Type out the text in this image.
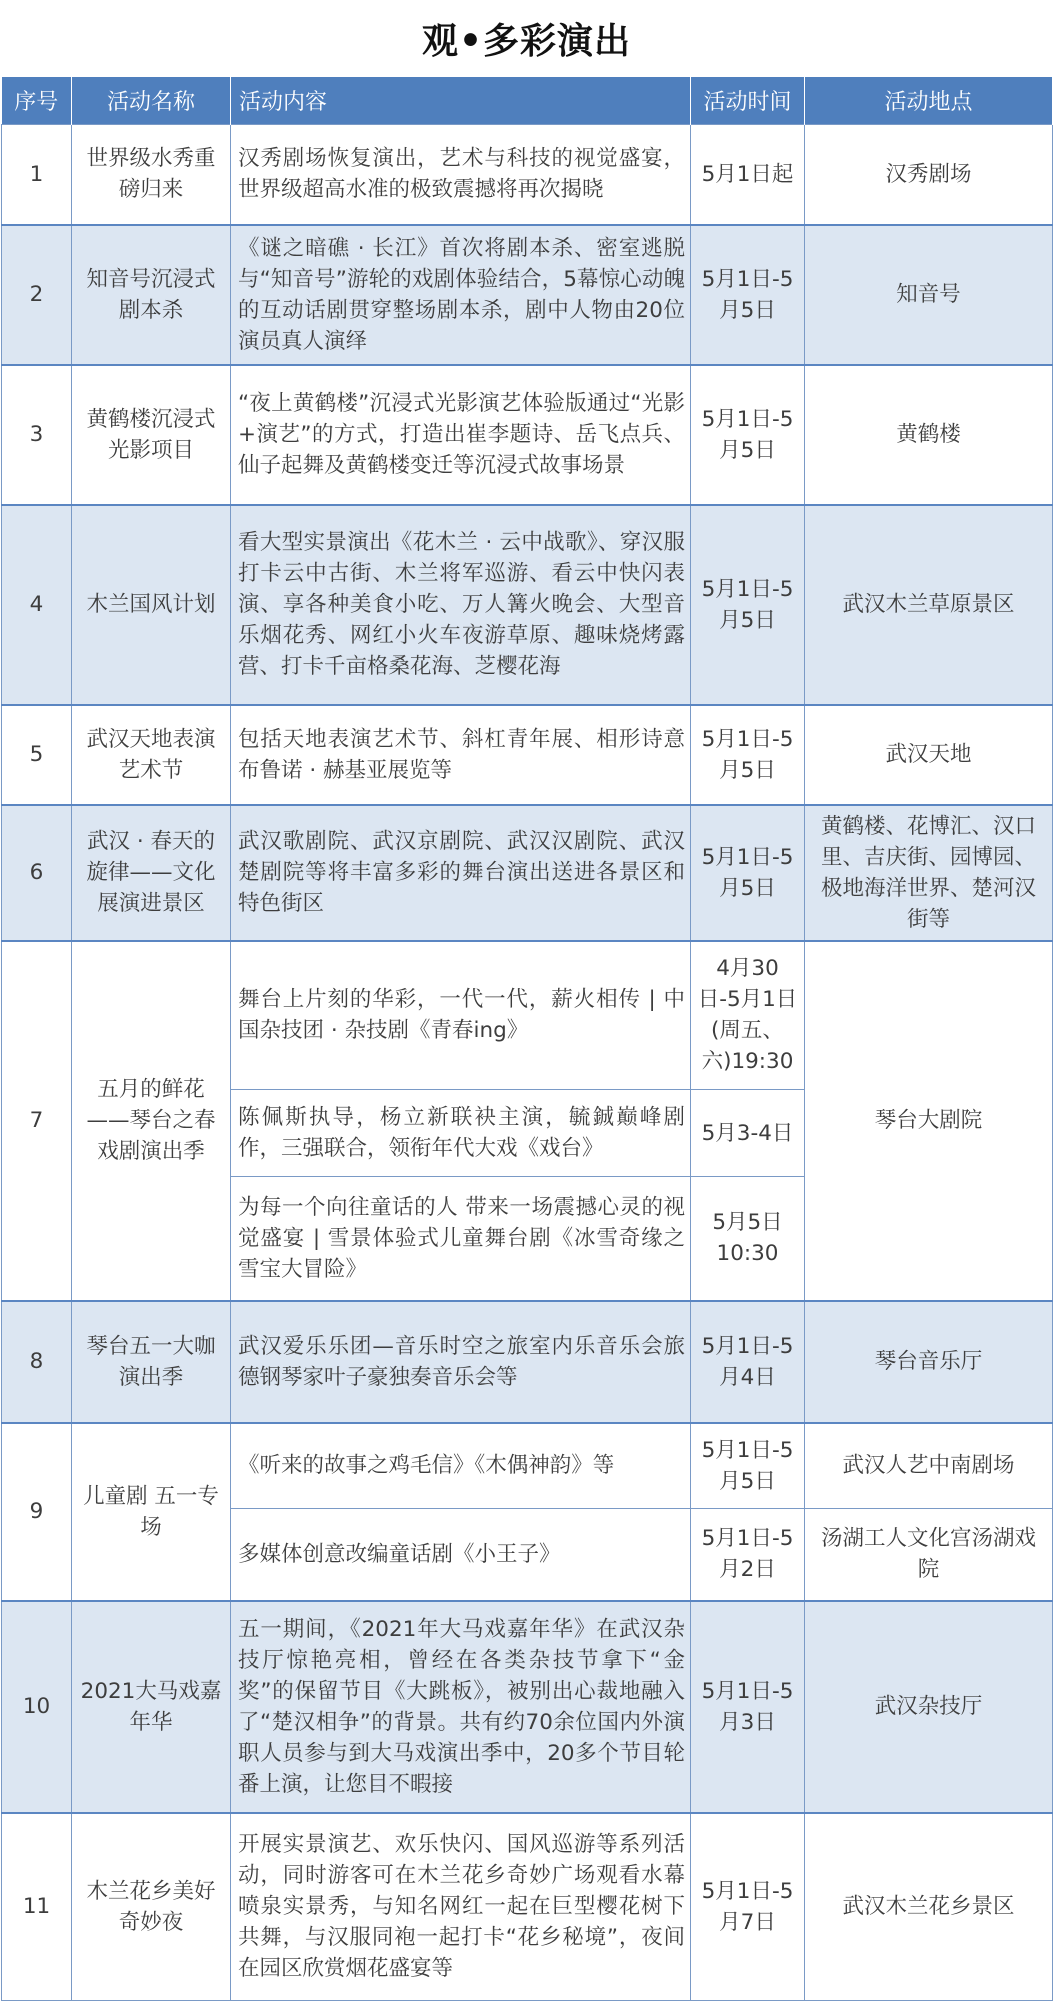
观•多彩演出
序号	活动名称	活动内容	活动时间	活动地点
1	世界级水秀重磅归来	汉秀剧场恢复演出，艺术与科技的视觉盛宴，世界级超高水准的极致震撼将再次揭晓	5月1日起	汉秀剧场
2	知音号沉浸式剧本杀	《谜之暗礁 · 长江》首次将剧本杀、密室逃脱与“知音号”游轮的戏剧体验结合，5幕惊心动魄的互动话剧贯穿整场剧本杀，剧中人物由20位演员真人演绎	5月1日-5月5日	知音号
3	黄鹤楼沉浸式光影项目	“夜上黄鹤楼”沉浸式光影演艺体验版通过“光影+演艺”的方式，打造出崔李题诗、岳飞点兵、仙子起舞及黄鹤楼变迁等沉浸式故事场景	5月1日-5月5日	黄鹤楼
4	木兰国风计划	看大型实景演出《花木兰 · 云中战歌》、穿汉服打卡云中古街、木兰将军巡游、看云中快闪表演、享各种美食小吃、万人篝火晚会、大型音乐烟花秀、网红小火车夜游草原、趣味烧烤露营、打卡千亩格桑花海、芝樱花海	5月1日-5月5日	武汉木兰草原景区
5	武汉天地表演艺术节	包括天地表演艺术节、斜杠青年展、相形诗意布鲁诺 · 赫基亚展览等	5月1日-5月5日	武汉天地
6	武汉 · 春天的旋律——文化展演进景区	武汉歌剧院、武汉京剧院、武汉汉剧院、武汉楚剧院等将丰富多彩的舞台演出送进各景区和特色街区	5月1日-5月5日	黄鹤楼、花博汇、汉口里、吉庆街、园博园、极地海洋世界、楚河汉街等
7	五月的鲜花——琴台之春戏剧演出季	舞台上片刻的华彩，一代一代，薪火相传 | 中国杂技团 · 杂技剧《青春ing》	4月30日-5月1日(周五、六)19:30	琴台大剧院
		陈佩斯执导，杨立新联袂主演，毓鋮巅峰剧作，三强联合，领衔年代大戏《戏台》	5月3-4日	
		为每一个向往童话的人 带来一场震撼心灵的视觉盛宴 | 雪景体验式儿童舞台剧《冰雪奇缘之雪宝大冒险》	5月5日 10:30	
8	琴台五一大咖演出季	武汉爱乐乐团—音乐时空之旅室内乐音乐会旅德钢琴家叶子豪独奏音乐会等	5月1日-5月4日	琴台音乐厅
9	儿童剧 五一专场	《听来的故事之鸡毛信》《木偶神韵》等	5月1日-5月5日	武汉人艺中南剧场
		多媒体创意改编童话剧《小王子》	5月1日-5月2日	汤湖工人文化宫汤湖戏院
10	2021大马戏嘉年华	五一期间，《2021年大马戏嘉年华》在武汉杂技厅惊艳亮相，曾经在各类杂技节拿下“金奖”的保留节目《大跳板》，被别出心裁地融入了“楚汉相争”的背景。共有约70余位国内外演职人员参与到大马戏演出季中，20多个节目轮番上演，让您目不暇接	5月1日-5月3日	武汉杂技厅
11	木兰花乡美好奇妙夜	开展实景演艺、欢乐快闪、国风巡游等系列活动，同时游客可在木兰花乡奇妙广场观看水幕喷泉实景秀，与知名网红一起在巨型樱花树下共舞，与汉服同袍一起打卡“花乡秘境”，夜间在园区欣赏烟花盛宴等	5月1日-5月7日	武汉木兰花乡景区
